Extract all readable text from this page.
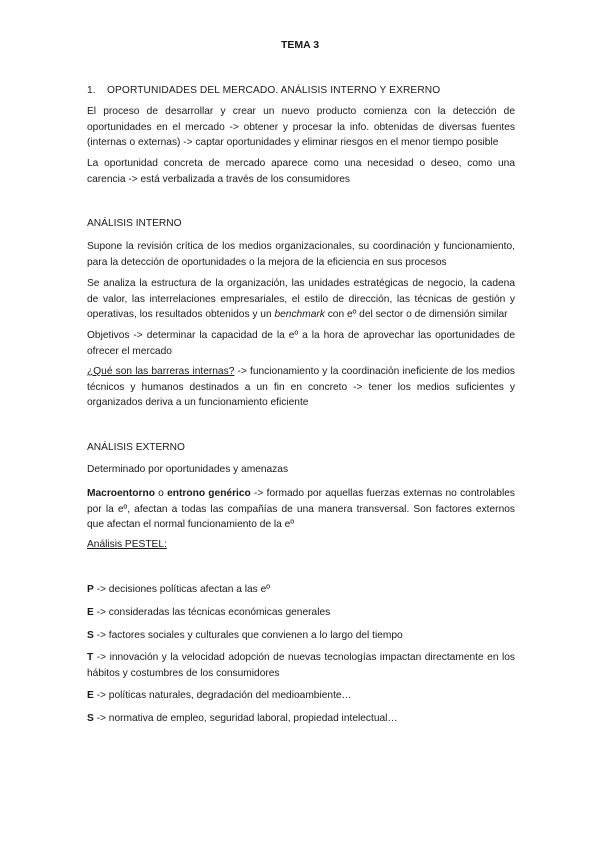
TEMA 3

1. OPORTUNIDADES DEL MERCADO. ANÁLISIS INTERNO Y EXRERNO

El proceso de desarrollar y crear un nuevo producto comienza con la detección de oportunidades en el mercado -> obtener y procesar la info. obtenidas de diversas fuentes (internas o externas) -> captar oportunidades y eliminar riesgos en el menor tiempo posible

La oportunidad concreta de mercado aparece como una necesidad o deseo, como una carencia -> está verbalizada a través de los consumidores

ANÁLISIS INTERNO

Supone la revisión crítica de los medios organizacionales, su coordinación y funcionamiento, para la detección de oportunidades o la mejora de la eficiencia en sus procesos

Se analiza la estructura de la organización, las unidades estratégicas de negocio, la cadena de valor, las interrelaciones empresariales, el estilo de dirección, las técnicas de gestión y operativas, los resultados obtenidos y un benchmark con eº del sector o de dimensión similar

Objetivos -> determinar la capacidad de la eº a la hora de aprovechar las oportunidades de ofrecer el mercado

¿Qué son las barreras internas? -> funcionamiento y la coordinación ineficiente de los medios técnicos y humanos destinados a un fin en concreto -> tener los medios suficientes y organizados deriva a un funcionamiento eficiente

ANÁLISIS EXTERNO

Determinado por oportunidades y amenazas

Macroentorno o entrono genérico -> formado por aquellas fuerzas externas no controlables por la eº, afectan a todas las compañías de una manera transversal. Son factores externos que afectan el normal funcionamiento de la eº

Análisis PESTEL:

P -> decisiones políticas afectan a las eº

E -> consideradas las técnicas económicas generales

S -> factores sociales y culturales que convienen a lo largo del tiempo

T -> innovación y la velocidad adopción de nuevas tecnologías impactan directamente en los hábitos y costumbres de los consumidores

E -> políticas naturales, degradación del medioambiente…

S -> normativa de empleo, seguridad laboral, propiedad intelectual…
